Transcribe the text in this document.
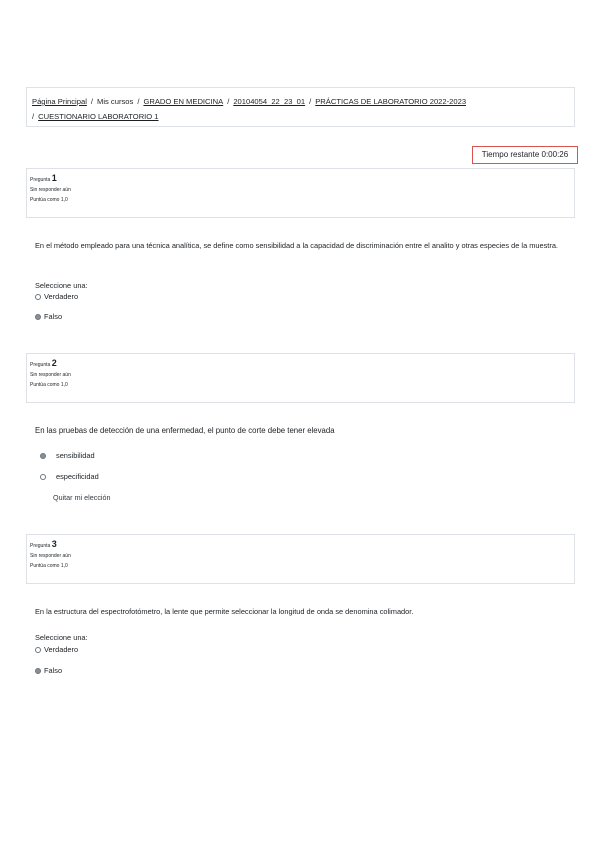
Página Principal / Mis cursos / GRADO EN MEDICINA / 20104054_22_23_01 / PRÁCTICAS DE LABORATORIO 2022-2023
/ CUESTIONARIO LABORATORIO 1
Tiempo restante 0:00:26
Pregunta 1
Sin responder aún
Puntúa como 1,0
En el método empleado para una técnica analítica, se define como sensibilidad a la capacidad de discriminación entre el analito y otras especies de la muestra.
Seleccione una:
Verdadero
Falso
Pregunta 2
Sin responder aún
Puntúa como 1,0
En las pruebas de detección de una enfermedad, el punto de corte debe tener elevada
sensibilidad
especificidad
Quitar mi elección
Pregunta 3
Sin responder aún
Puntúa como 1,0
En la estructura del espectrofotómetro, la lente que permite seleccionar la longitud de onda se denomina colimador.
Seleccione una:
Verdadero
Falso
